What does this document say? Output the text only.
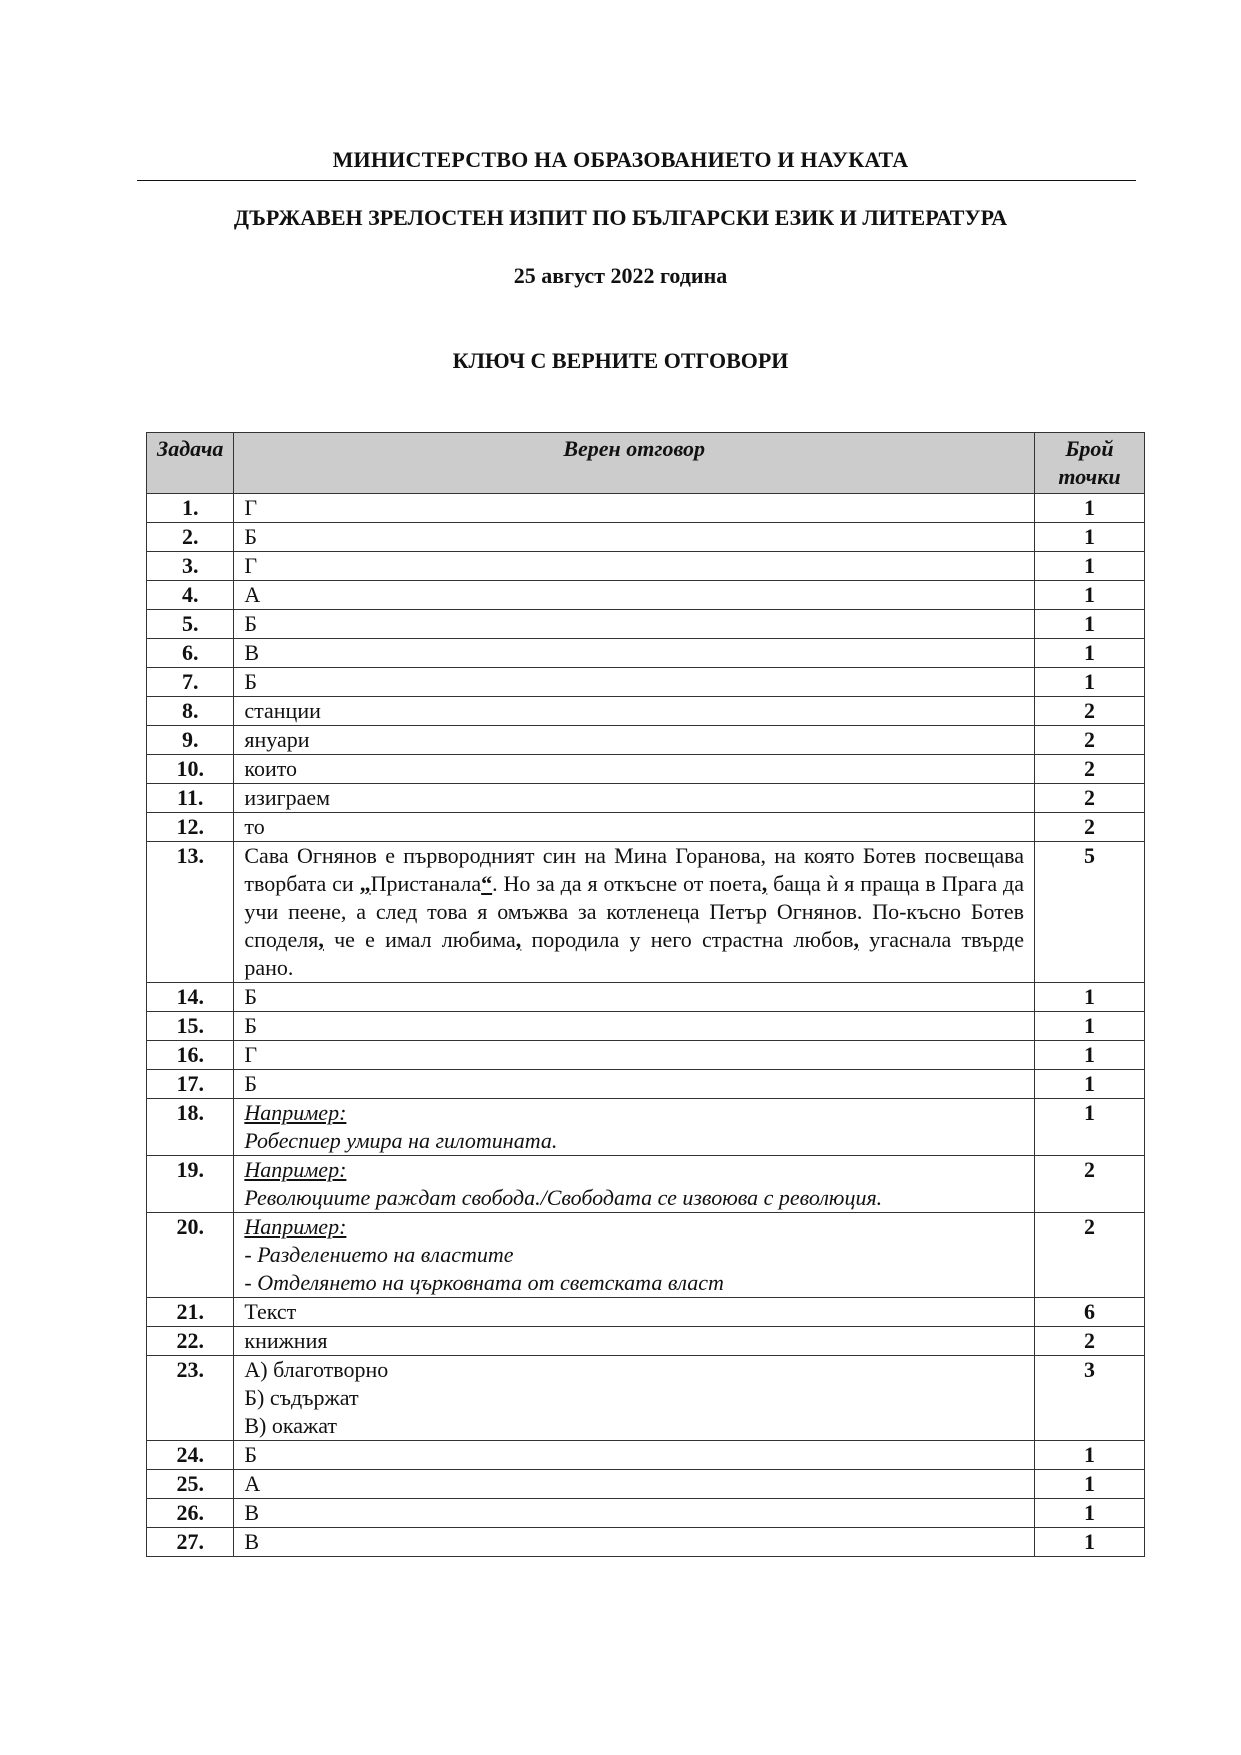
МИНИСТЕРСТВО НА ОБРАЗОВАНИЕТО И НАУКАТА
ДЪРЖАВЕН ЗРЕЛОСТЕН ИЗПИТ ПО БЪЛГАРСКИ ЕЗИК И ЛИТЕРАТУРА
25 август 2022 година
КЛЮЧ С ВЕРНИТЕ ОТГОВОРИ
Задача	Верен отговор	Брой точки
1.	Г	1
2.	Б	1
3.	Г	1
4.	А	1
5.	Б	1
6.	В	1
7.	Б	1
8.	станции	2
9.	януари	2
10.	които	2
11.	изиграем	2
12.	то	2
13.	Сава Огнянов е първородният син на Мина Горанова, на която Ботев посвещава творбата си „Пристанала“. Но за да я откъсне от поета, баща ѝ я праща в Прага да учи пеене, а след това я омъжва за котленеца Петър Огнянов. По-късно Ботев споделя, че е имал любима, породила у него страстна любов, угаснала твърде рано.	5
14.	Б	1
15.	Б	1
16.	Г	1
17.	Б	1
18.	Например:
Робеспиер умира на гилотината.	1
19.	Например:
Революциите раждат свобода./Свободата се извоюва с революция.	2
20.	Например:
- Разделението на властите
- Отделянето на църковната от светската власт	2
21.	Текст	6
22.	книжния	2
23.	А) благотворно
Б) съдържат
В) окажат	3
24.	Б	1
25.	А	1
26.	В	1
27.	В	1
